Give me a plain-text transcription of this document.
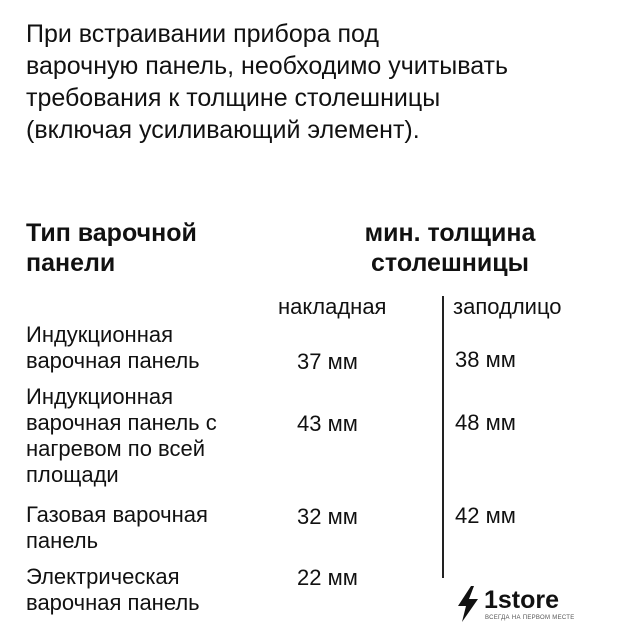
При встраивании прибора под
варочную панель, необходимо учитывать
требования к толщине столешницы
(включая усиливающий элемент).

Тип варочной
панели
мин. толщина
столешницы
накладная	заподлицо
Индукционная
варочная панель	37 мм	38 мм
Индукционная
варочная панель с
нагревом по всей
площади
43 мм	48 мм
Газовая варочная
панель
32 мм	42 мм
Электрическая
варочная панель
22 мм
1store
ВСЕГДА НА ПЕРВОМ МЕСТЕ
